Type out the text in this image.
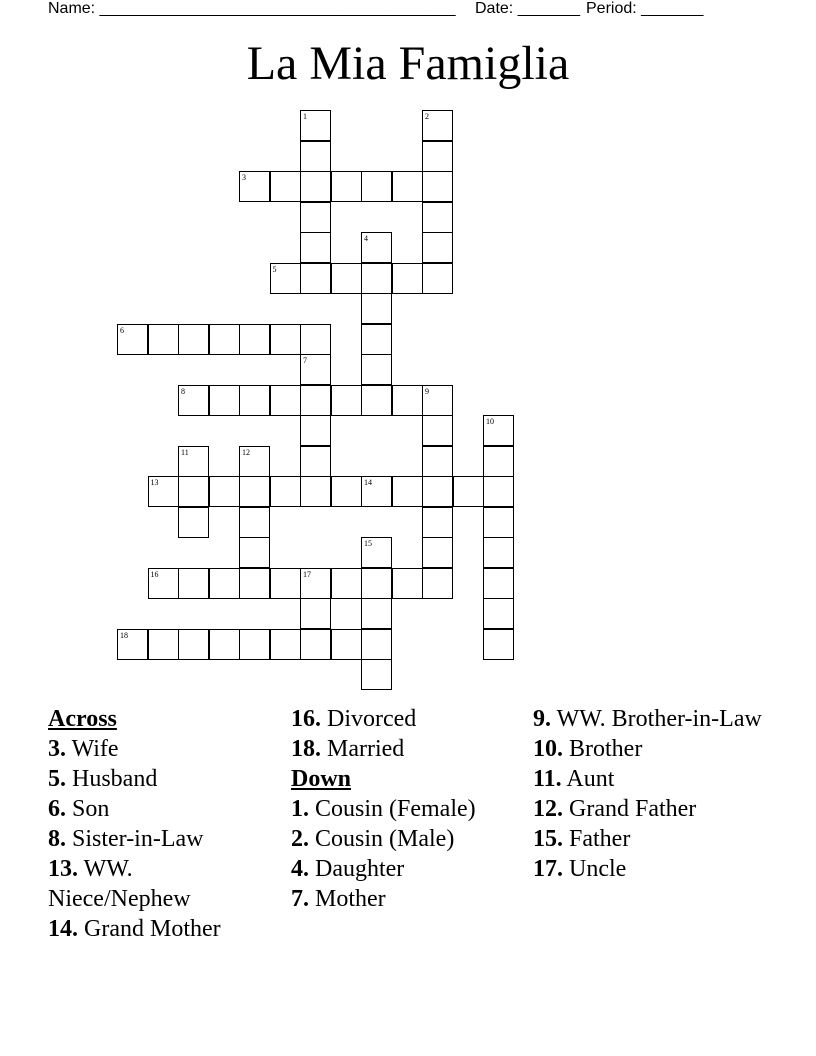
Name: ________________________________________ Date: _______ Period: _______
La Mia Famiglia
3
5
6
8
13	14
16	17
18
1	2
4
7
9
10
11	12
15
Across
3. Wife
5. Husband
6. Son
8. Sister-in-Law
13. WW. Niece/Nephew
14. Grand Mother
16. Divorced
18. Married
Down
1. Cousin (Female)
2. Cousin (Male)
4. Daughter
7. Mother
9. WW. Brother-in-Law
10. Brother
11. Aunt
12. Grand Father
15. Father
17. Uncle
